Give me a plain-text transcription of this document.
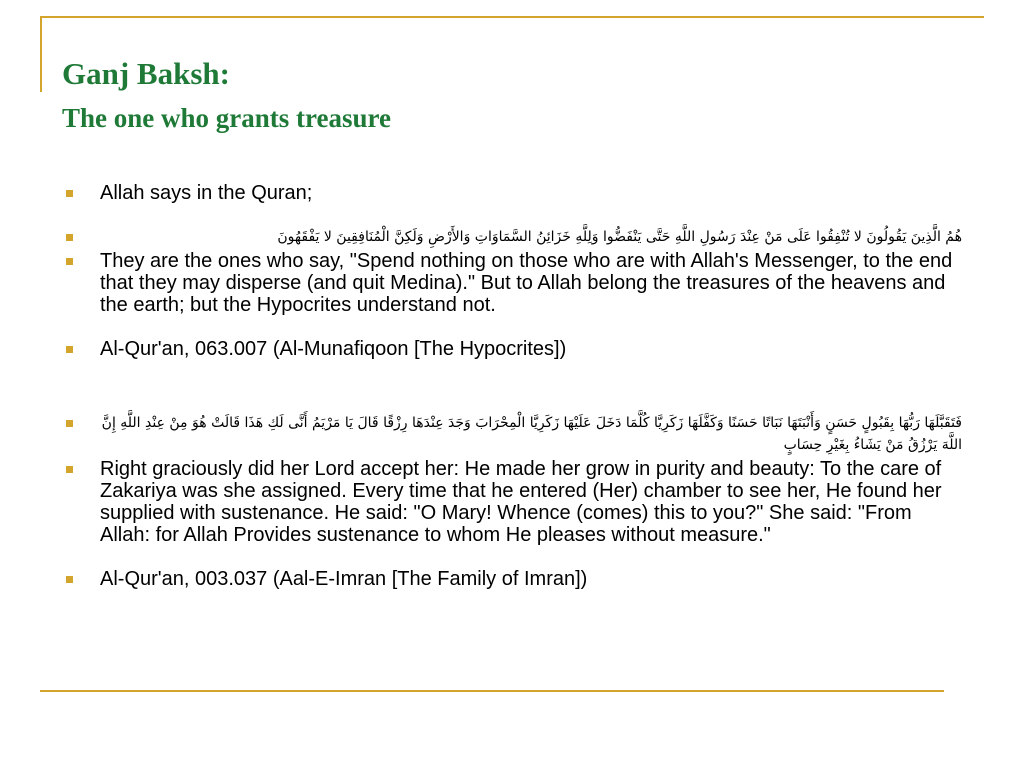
Ganj Baksh:
The one who grants treasure
Allah says in the Quran;
هُمُ الَّذِينَ يَقُولُونَ لا تُنْفِقُوا عَلَى مَنْ عِنْدَ رَسُولِ اللَّهِ حَتَّى يَنْفَضُّوا وَلِلَّهِ خَزَائِنُ السَّمَاوَاتِ وَالأَرْضِ وَلَكِنَّ الْمُنَافِقِينَ لا يَفْقَهُونَ
They are the ones who say, "Spend nothing on those who are with Allah's Messenger, to the end that they may disperse (and quit Medina)." But to Allah belong the treasures of the heavens and the earth; but the Hypocrites understand not.
Al-Qur'an, 063.007 (Al-Munafiqoon [The Hypocrites])
فَتَقَبَّلَهَا رَبُّهَا بِقَبُولٍ حَسَنٍ وَأَنْبَتَهَا نَبَاتًا حَسَنًا وَكَفَّلَهَا زَكَرِيَّا كُلَّمَا دَخَلَ عَلَيْهَا زَكَرِيَّا الْمِحْرَابَ وَجَدَ عِنْدَهَا رِزْقًا قَالَ يَا مَرْيَمُ أَنَّى لَكِ هَذَا قَالَتْ هُوَ مِنْ عِنْدِ اللَّهِ إِنَّ اللَّهَ يَرْزُقُ مَنْ يَشَاءُ بِغَيْرِ حِسَابٍ
Right graciously did her Lord accept her: He made her grow in purity and beauty: To the care of Zakariya was she assigned. Every time that he entered (Her) chamber to see her, He found her supplied with sustenance. He said: "O Mary! Whence (comes) this to you?" She said: "From Allah: for Allah Provides sustenance to whom He pleases without measure."
Al-Qur'an, 003.037 (Aal-E-Imran [The Family of Imran])
